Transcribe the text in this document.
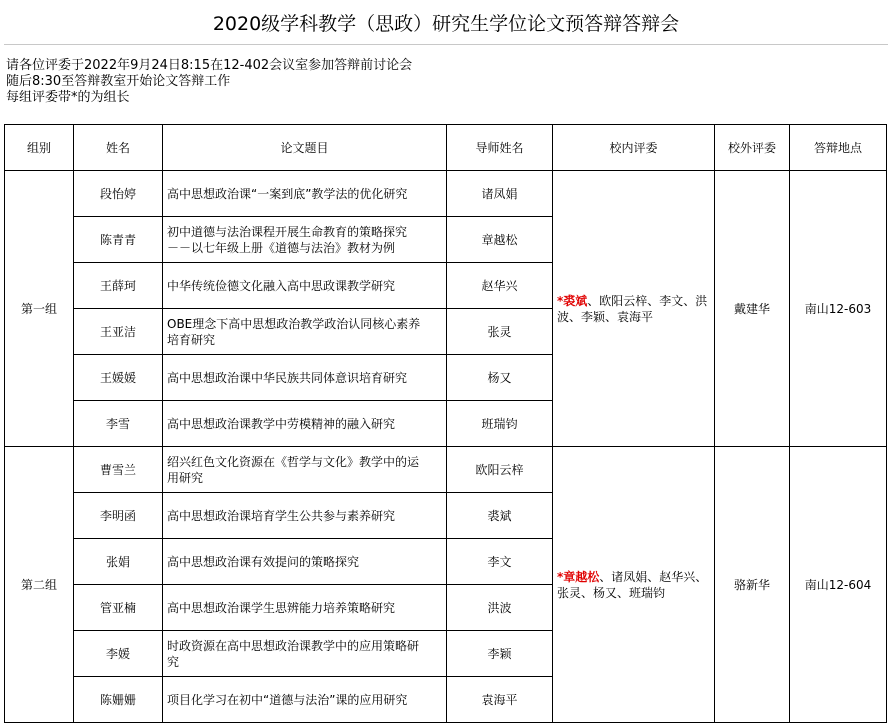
2020级学科教学（思政）研究生学位论文预答辩答辩会
请各位评委于2022年9月24日8:15在12-402会议室参加答辩前讨论会
随后8:30至答辩教室开始论文答辩工作
每组评委带*的为组长
组别	姓名	论文题目	导师姓名	校内评委	校外评委	答辩地点
第一组	段怡婷	高中思想政治课“一案到底”教学法的优化研究	诸凤娟	*裘斌、欧阳云梓、李文、洪波、李颖、袁海平	戴建华	南山12-603
	陈青青	初中道德与法治课程开展生命教育的策略探究
－－以七年级上册《道德与法治》教材为例	章越松			
	王薛珂	中华传统俭德文化融入高中思政课教学研究	赵华兴			
	王亚洁	OBE理念下高中思想政治教学政治认同核心素养
培育研究	张灵			
	王媛媛	高中思想政治课中华民族共同体意识培育研究	杨又			
	李雪	高中思想政治课教学中劳模精神的融入研究	班瑞钧			
第二组	曹雪兰	绍兴红色文化资源在《哲学与文化》教学中的运
用研究	欧阳云梓	*章越松、诸凤娟、赵华兴、张灵、杨又、班瑞钧	骆新华	南山12-604
	李明函	高中思想政治课培育学生公共参与素养研究	裘斌			
	张娟	高中思想政治课有效提问的策略探究	李文			
	管亚楠	高中思想政治课学生思辨能力培养策略研究	洪波			
	李媛	时政资源在高中思想政治课教学中的应用策略研
究	李颖			
	陈姗姗	项目化学习在初中“道德与法治”课的应用研究	袁海平			
